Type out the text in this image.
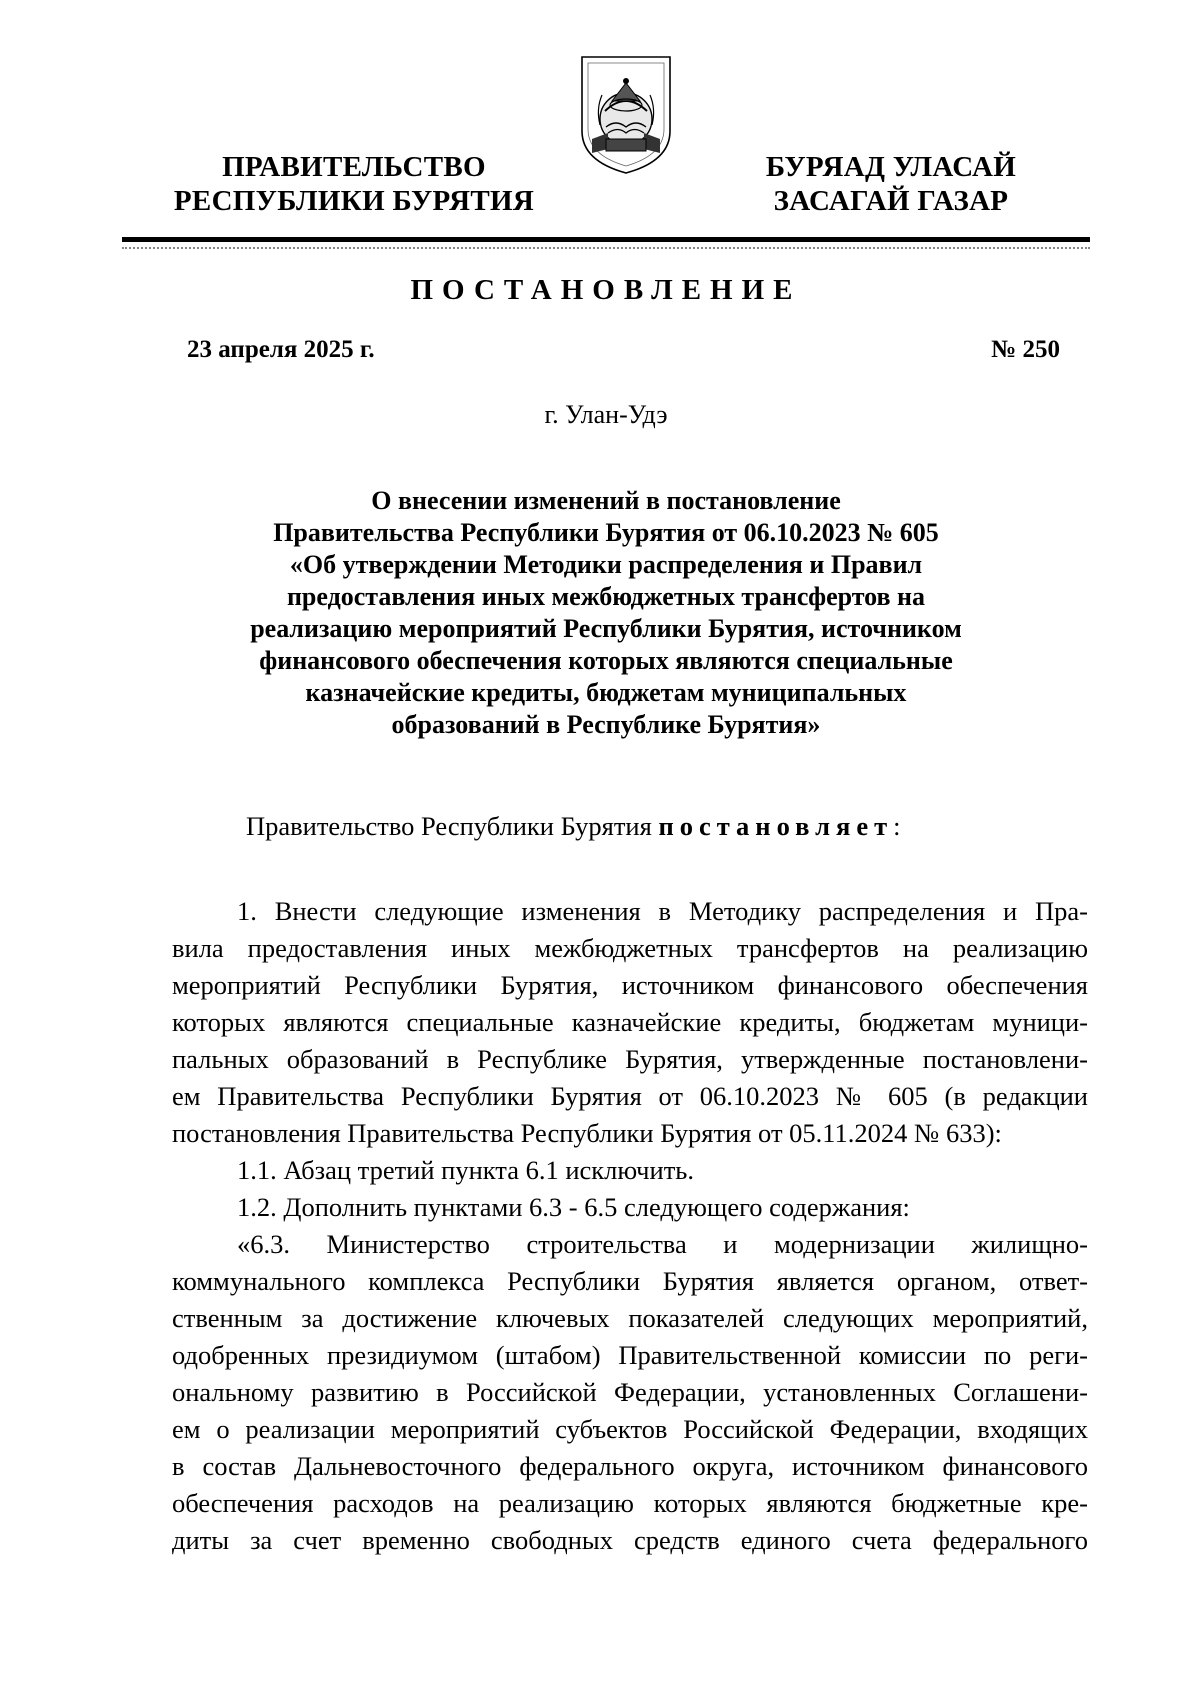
ПРАВИТЕЛЬСТВО
РЕСПУБЛИКИ БУРЯТИЯ
БУРЯАД УЛАСАЙ
ЗАСАГАЙ ГАЗАР
ПОСТАНОВЛЕНИЕ
23 апреля 2025 г.	№ 250
г. Улан-Удэ
О внесении изменений в постановление
Правительства Республики Бурятия от 06.10.2023 № 605
«Об утверждении Методики распределения и Правил
предоставления иных межбюджетных трансфертов на
реализацию мероприятий Республики Бурятия, источником
финансового обеспечения которых являются специальные
казначейские кредиты, бюджетам муниципальных
образований в Республике Бурятия»
Правительство Республики Бурятия постановляет:
1. Внести следующие изменения в Методику распределения и Пра-
вила предоставления иных межбюджетных трансфертов на реализацию
мероприятий Республики Бурятия, источником финансового обеспечения
которых являются специальные казначейские кредиты, бюджетам муници-
пальных образований в Республике Бурятия, утвержденные постановлени-
ем Правительства Республики Бурятия от 06.10.2023 № 605 (в редакции
постановления Правительства Республики Бурятия от 05.11.2024 № 633):
1.1. Абзац третий пункта 6.1 исключить.
1.2. Дополнить пунктами 6.3 - 6.5 следующего содержания:
«6.3. Министерство строительства и модернизации жилищно-
коммунального комплекса Республики Бурятия является органом, ответ-
ственным за достижение ключевых показателей следующих мероприятий,
одобренных президиумом (штабом) Правительственной комиссии по реги-
ональному развитию в Российской Федерации, установленных Соглашени-
ем о реализации мероприятий субъектов Российской Федерации, входящих
в состав Дальневосточного федерального округа, источником финансового
обеспечения расходов на реализацию которых являются бюджетные кре-
диты за счет временно свободных средств единого счета федерального
